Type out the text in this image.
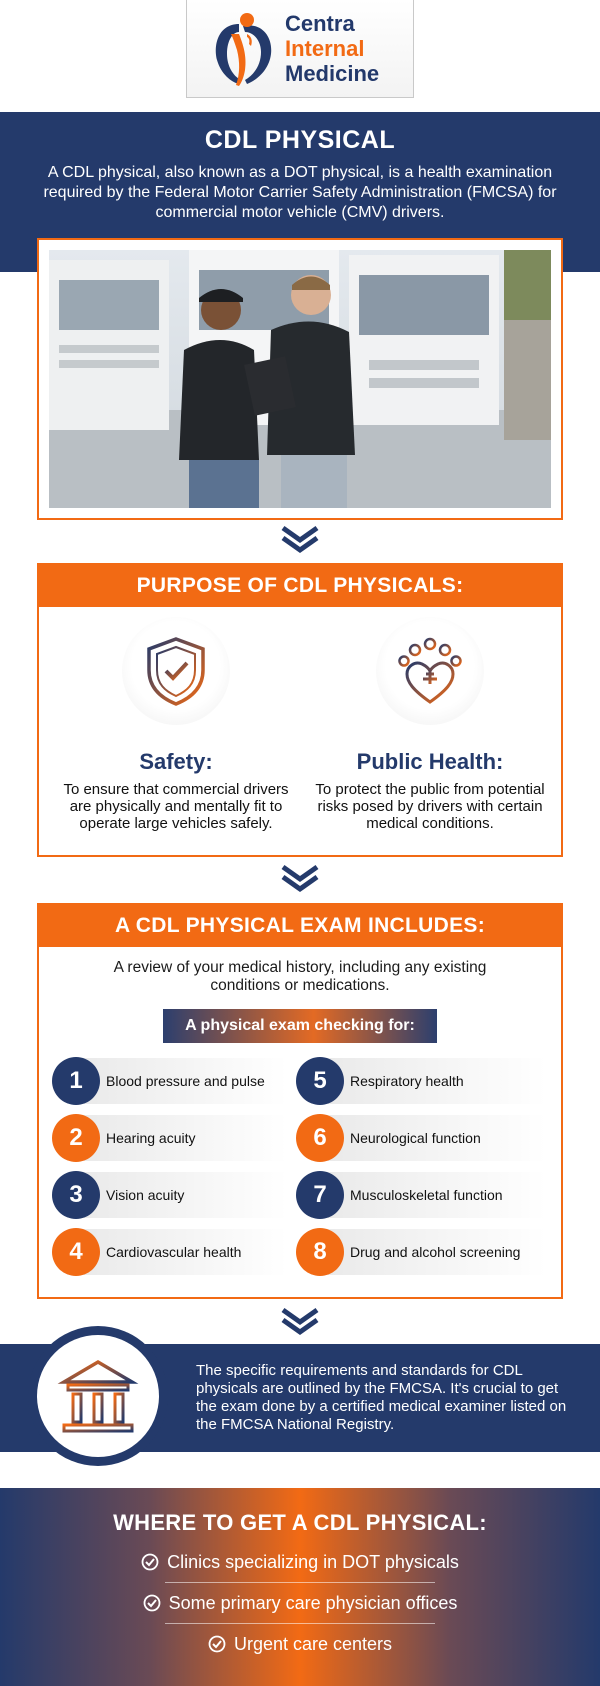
Centra
Internal
Medicine
CDL PHYSICAL
A CDL physical, also known as a DOT physical, is a health examination required by the Federal Motor Carrier Safety Administration (FMCSA) for commercial motor vehicle (CMV) drivers.
PURPOSE OF CDL PHYSICALS:
Safety:
To ensure that commercial drivers are physically and mentally fit to operate large vehicles safely.
Public Health:
To protect the public from potential risks posed by drivers with certain medical conditions.
A CDL PHYSICAL EXAM INCLUDES:
A review of your medical history, including any existing conditions or medications.
A physical exam checking for:
1	Blood pressure and pulse
2	Hearing acuity
3	Vision acuity
4	Cardiovascular health
5	Respiratory health
6	Neurological function
7	Musculoskeletal function
8	Drug and alcohol screening
The specific requirements and standards for CDL physicals are outlined by the FMCSA. It's crucial to get the exam done by a certified medical examiner listed on the FMCSA National Registry.
WHERE TO GET A CDL PHYSICAL:
Clinics specializing in DOT physicals
Some primary care physician offices
Urgent care centers
